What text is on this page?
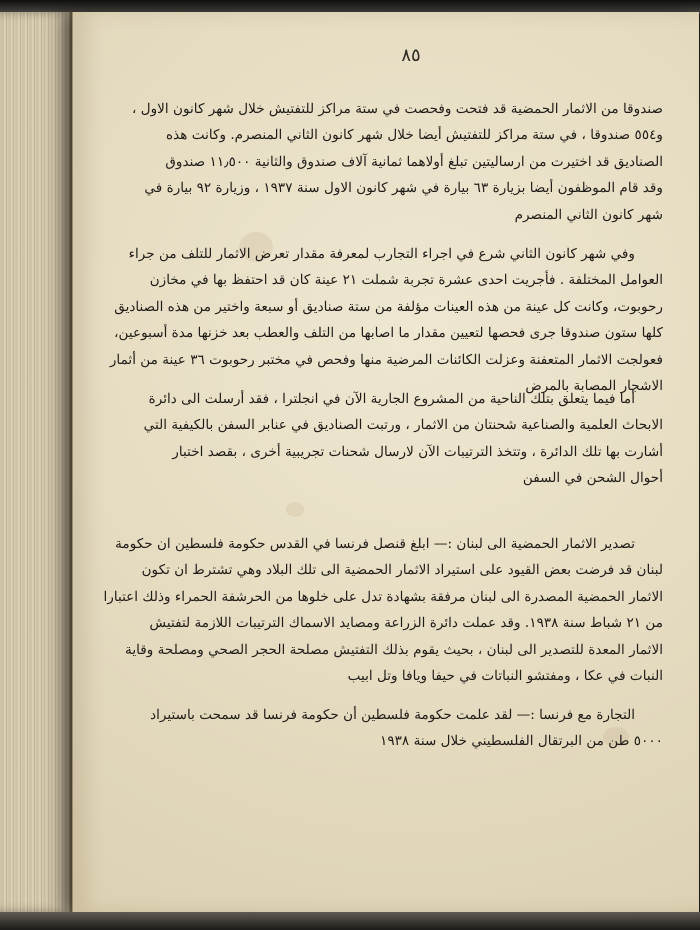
٨٥
صندوقا من الاثمار الحمضية قد فتحت وفحصت في ستة مراكز للتفتيش خلال شهر كانون الاول ،
و٥٥٤ صندوقا ، في ستة مراكز للتفتيش أيضا خلال شهر كانون الثاني المنصرم. وكانت هذه
الصناديق قد اختيرت من ارساليتين تبلغ أولاهما ثمانية آلاف صندوق والثانية ١١٫٥٠٠ صندوق
وقد قام الموظفون أيضا بزيارة ٦٣ بيارة في شهر كانون الاول سنة ١٩٣٧ ، وزيارة ٩٢ بيارة في
شهر كانون الثاني المنصرم
وفي شهر كانون الثاني شرع في اجراء التجارب لمعرفة مقدار تعرض الاثمار للتلف من جراء
العوامل المختلفة . فأجريت احدى عشرة تجربة شملت ٢١ عينة كان قد احتفظ بها في مخازن
رحوبوت، وكانت كل عينة من هذه العينات مؤلفة من ستة صناديق أو سبعة واختير من هذه الصناديق
كلها ستون صندوقا جرى فحصها لتعيين مقدار ما اصابها من التلف والعطب بعد خزنها مدة أسبوعين،
فعولجت الاثمار المتعفنة وعزلت الكائنات المرضية منها وفحص في مختبر رحوبوت ٣٦ عينة من أثمار
الاشجار المصابة بالمرض
أما فيما يتعلق بتلك الناحية من المشروع الجارية الآن في انجلترا ، فقد أرسلت الى دائرة
الابحاث العلمية والصناعية شحنتان من الاثمار ، ورتبت الصناديق في عنابر السفن بالكيفية التي
أشارت بها تلك الدائرة ، وتتخذ الترتيبات الآن لارسال شحنات تجريبية أخرى ، بقصد اختبار
أحوال الشحن في السفن
تصدير الاثمار الحمضية الى لبنان :— ابلغ قنصل فرنسا في القدس حكومة فلسطين ان حكومة
لبنان قد فرضت بعض القيود على استيراد الاثمار الحمضية الى تلك البلاد وهي تشترط ان تكون
الاثمار الحمضية المصدرة الى لبنان مرفقة بشهادة تدل على خلوها من الحرشفة الحمراء وذلك اعتبارا
من ٢١ شباط سنة ١٩٣٨. وقد عملت دائرة الزراعة ومصايد الاسماك الترتيبات اللازمة لتفتيش
الاثمار المعدة للتصدير الى لبنان ، بحيث يقوم بذلك التفتيش مصلحة الحجر الصحي ومصلحة وقاية
النبات في عكا ، ومفتشو النباتات في حيفا ويافا وتل ابيب
التجارة مع فرنسا :— لقد علمت حكومة فلسطين أن حكومة فرنسا قد سمحت باستيراد
٥٠٠٠ طن من البرتقال الفلسطيني خلال سنة ١٩٣٨
